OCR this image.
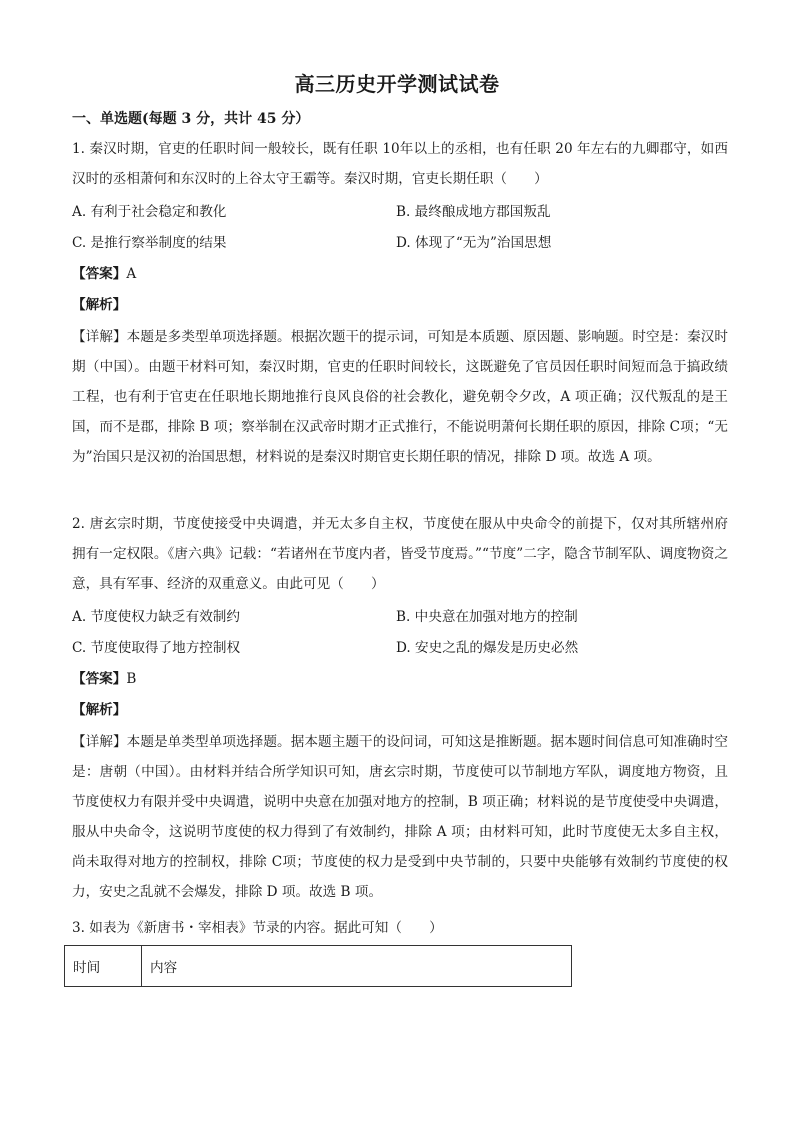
高三历史开学测试试卷
一、单选题(每题 3 分，共计 45 分）
1. 秦汉时期，官吏的任职时间一般较长，既有任职 10年以上的丞相，也有任职 20 年左右的九卿郡守，如西汉时的丞相萧何和东汉时的上谷太守王霸等。秦汉时期，官吏长期任职（　　）
A. 有利于社会稳定和教化	B. 最终酿成地方郡国叛乱
C. 是推行察举制度的结果	D. 体现了“无为”治国思想
【答案】A
【解析】
【详解】本题是多类型单项选择题。根据次题干的提示词，可知是本质题、原因题、影响题。时空是：秦汉时期（中国）。由题干材料可知，秦汉时期，官吏的任职时间较长，这既避免了官员因任职时间短而急于搞政绩工程，也有利于官吏在任职地长期地推行良风良俗的社会教化，避免朝令夕改，A 项正确；汉代叛乱的是王国，而不是郡，排除 B 项；察举制在汉武帝时期才正式推行，不能说明萧何长期任职的原因，排除 C项；“无为”治国只是汉初的治国思想，材料说的是秦汉时期官吏长期任职的情况，排除 D 项。故选 A 项。
2. 唐玄宗时期，节度使接受中央调遣，并无太多自主权，节度使在服从中央命令的前提下，仅对其所辖州府拥有一定权限。《唐六典》记载：“若诸州在节度内者，皆受节度焉。”“节度”二字，隐含节制军队、调度物资之意，具有军事、经济的双重意义。由此可见（　　）
A. 节度使权力缺乏有效制约	B. 中央意在加强对地方的控制
C. 节度使取得了地方控制权	D. 安史之乱的爆发是历史必然
【答案】B
【解析】
【详解】本题是单类型单项选择题。据本题主题干的设问词，可知这是推断题。据本题时间信息可知准确时空是：唐朝（中国）。由材料并结合所学知识可知，唐玄宗时期，节度使可以节制地方军队，调度地方物资，且节度使权力有限并受中央调遣，说明中央意在加强对地方的控制，B 项正确；材料说的是节度使受中央调遣，服从中央命令，这说明节度使的权力得到了有效制约，排除 A 项；由材料可知，此时节度使无太多自主权，尚未取得对地方的控制权，排除 C项；节度使的权力是受到中央节制的，只要中央能够有效制约节度使的权力，安史之乱就不会爆发，排除 D 项。故选 B 项。
3. 如表为《新唐书・宰相表》节录的内容。据此可知（　　）
时间	内容
